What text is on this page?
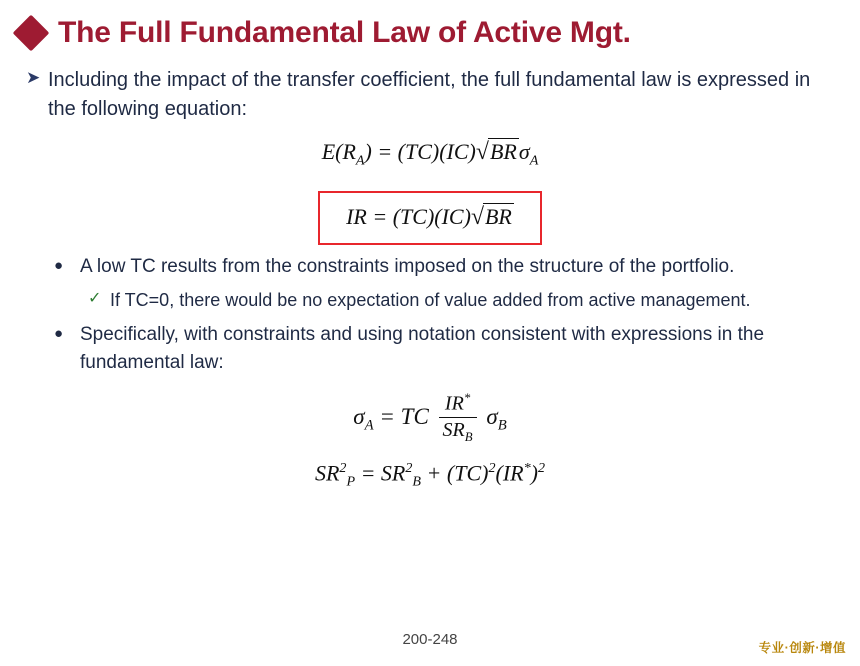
The Full Fundamental Law of Active Mgt.
➤ Including the impact of the transfer coefficient, the full fundamental law is expressed in the following equation:
$E(R_A) = (TC)(IC)√BR\sigma_A$
IR = (TC)(IC)√BR
● A low TC results from the constraints imposed on the structure of the portfolio.
✓ If TC=0, there would be no expectation of value added from active management.
● Specifically, with constraints and using notation consistent with expressions in the fundamental law:
$\sigma_A$ = TC $\frac{IR^*}{SR_B} \sigma_B$
$SR^2_P = SR^2_B + (TC)^2(IR^*)^2$
200-248	专业·创新·增值
